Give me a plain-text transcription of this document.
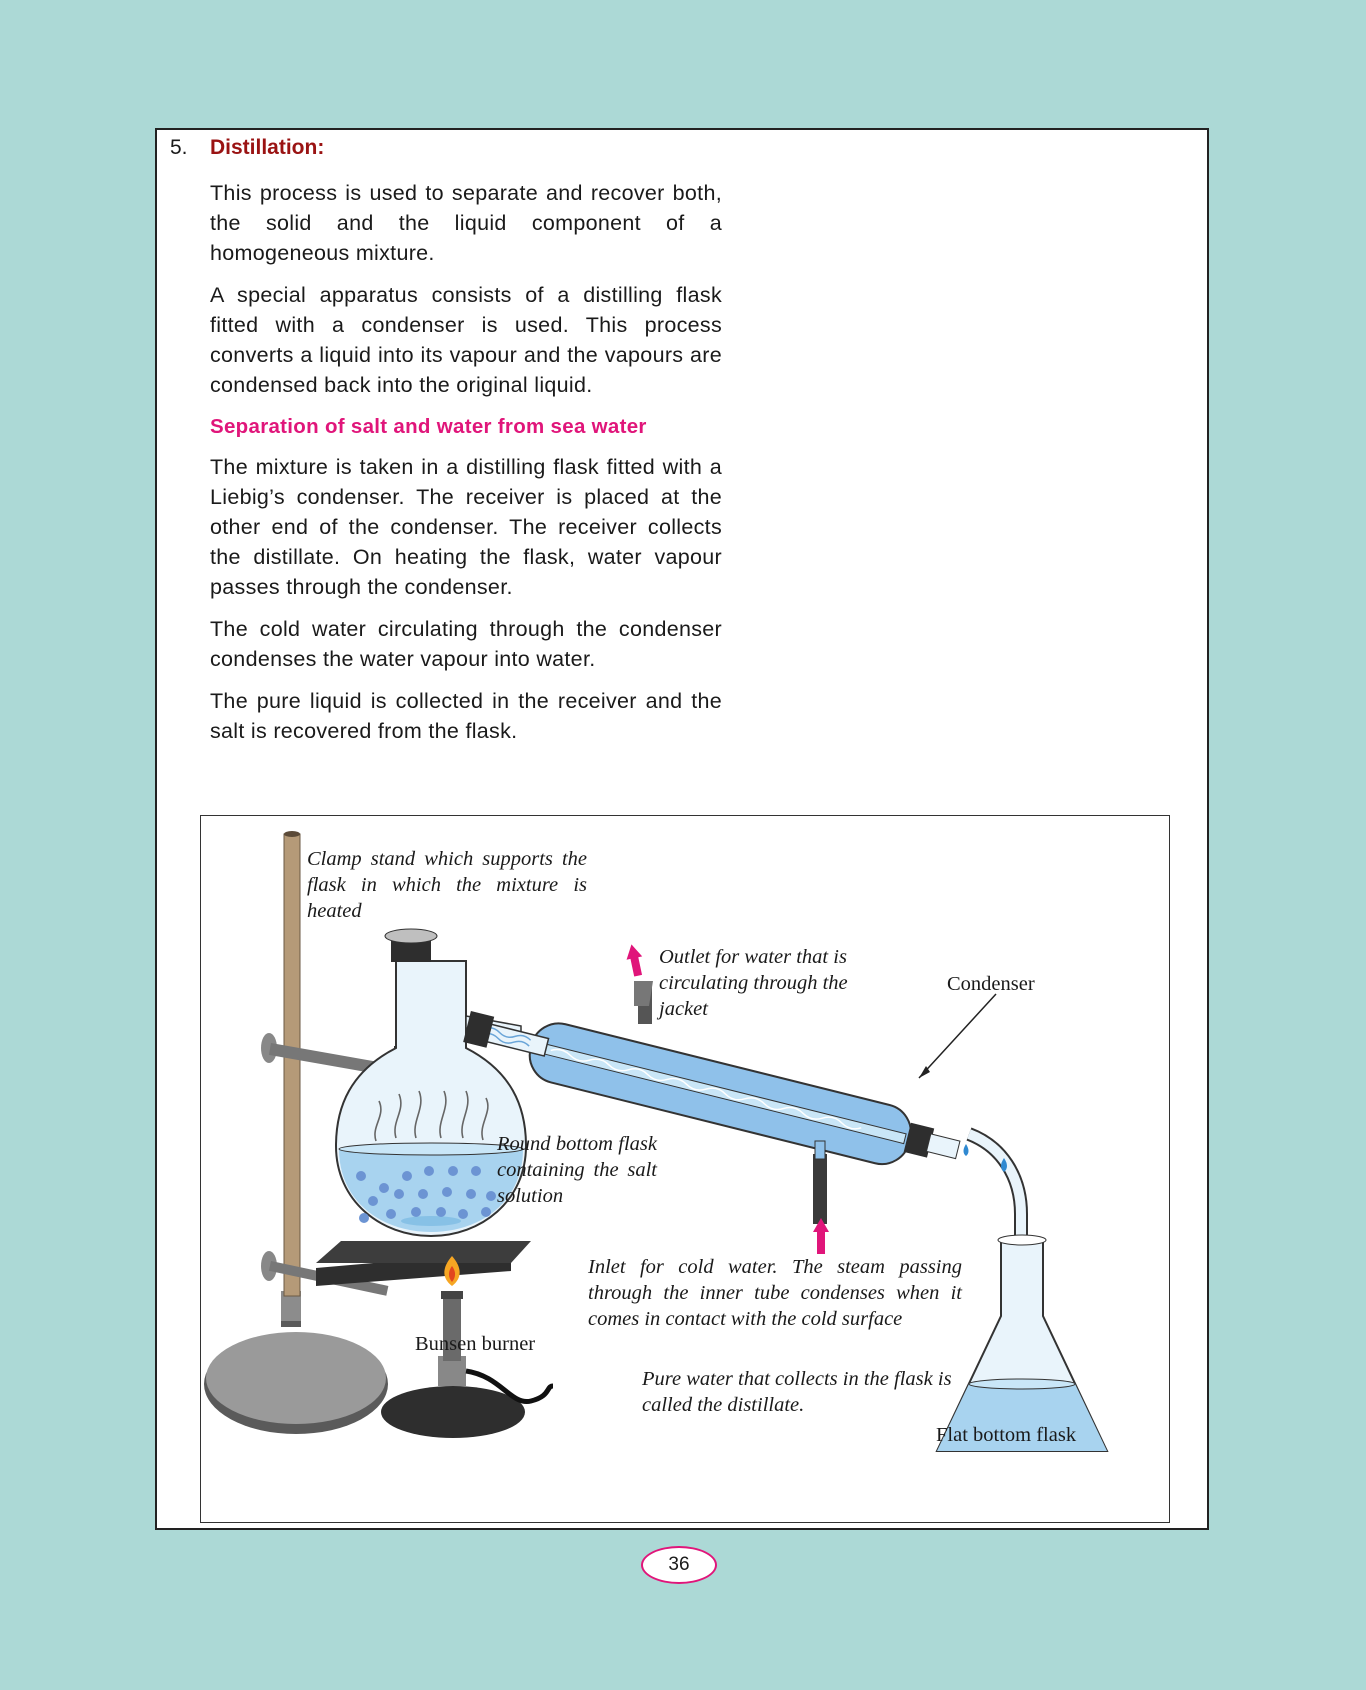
5. Distillation:

This process is used to separate and recover both, the solid and the liquid component of a homogeneous mixture.

A special apparatus consists of a distilling flask fitted with a condenser is used. This process converts a liquid into its vapour and the vapours are condensed back into the original liquid.

Separation of salt and water from sea water

The mixture is taken in a distilling flask fitted with a Liebig’s condenser. The receiver is placed at the other end of the condenser. The receiver collects the distillate. On heating the flask, water vapour passes through the condenser.

The cold water circulating through the condenser condenses the water vapour into water.

The pure liquid is collected in the receiver and the salt is recovered from the flask.

Clamp stand which supports the flask in which the mixture is heated
Outlet for water that is circulating through the jacket
Condenser
Round bottom flask containing the salt solution
Inlet for cold water. The steam passing through the inner tube condenses when it comes in contact with the cold surface
Bunsen burner
Pure water that collects in the flask is called the distillate.
Flat bottom flask
36
